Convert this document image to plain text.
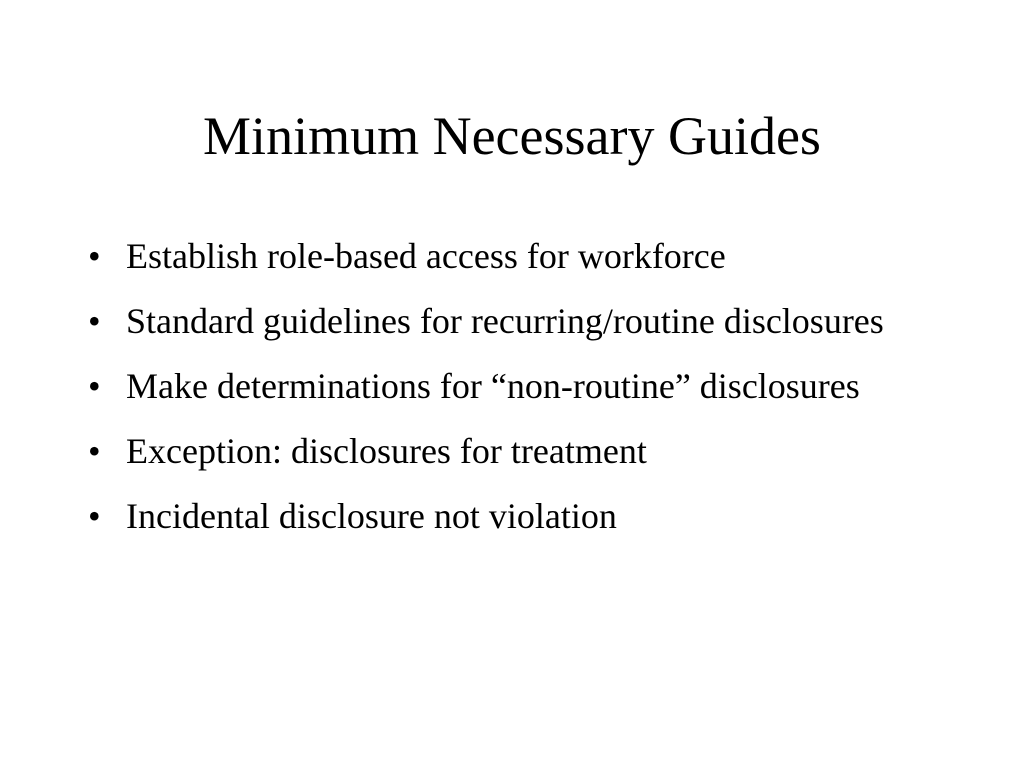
Minimum Necessary Guides
• Establish role-based access for workforce
• Standard guidelines for recurring/routine disclosures
• Make determinations for “non-routine” disclosures
• Exception: disclosures for treatment
• Incidental disclosure not violation
